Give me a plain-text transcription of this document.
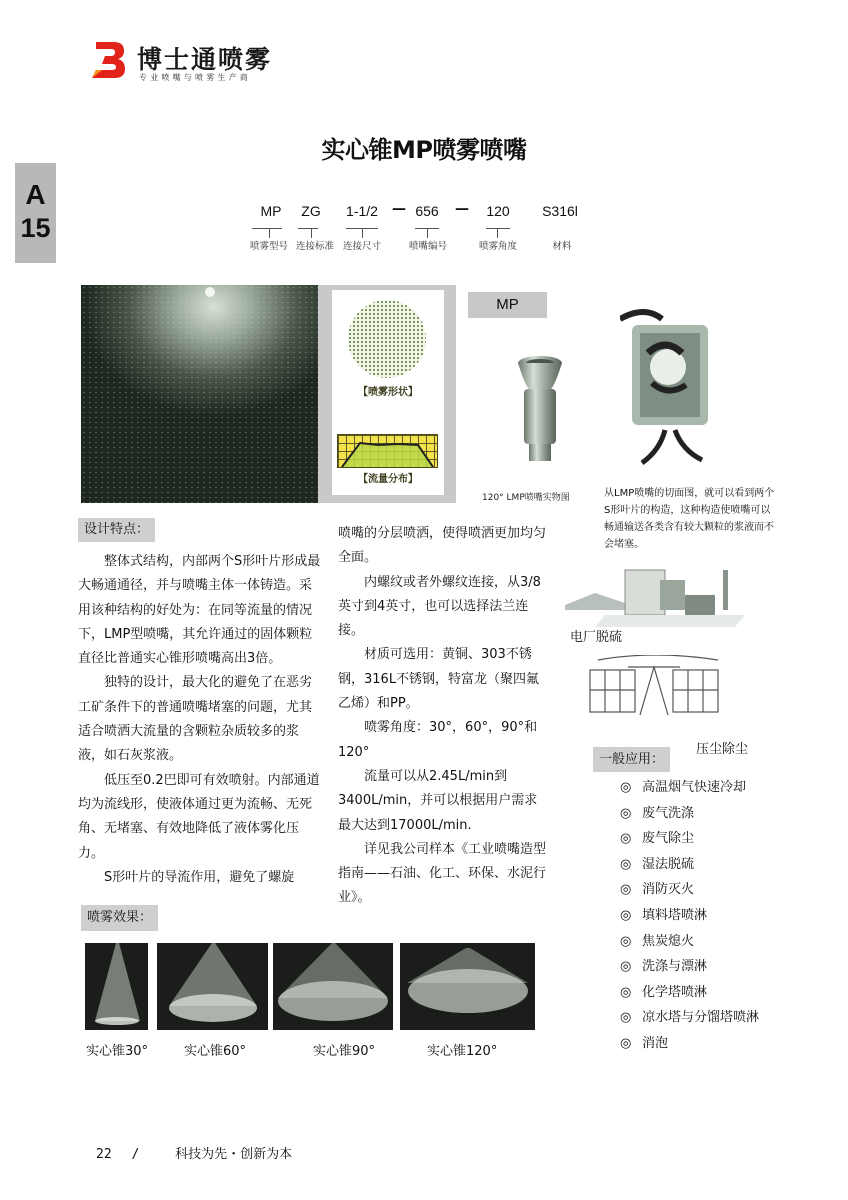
博士通喷雾
专业喷嘴与喷雾生产商
A
15
实心锥MP喷雾喷嘴
MP ZG 1-1/2 — 656 — 120 S316l
喷雾型号 连接标准 连接尺寸	喷嘴编号	喷雾角度	材料
【喷雾形状】
【流量分布】
MP
120° LMP喷嘴实物图	从LMP喷嘴的切面图，就可以看到两个S形叶片的构造，这种构造使喷嘴可以畅通输送各类含有较大颗粒的浆液而不会堵塞。
设计特点：

整体式结构，内部两个S形叶片形成最大畅通通径，并与喷嘴主体一体铸造。采用该种结构的好处为：在同等流量的情况下，LMP型喷嘴，其允许通过的固体颗粒直径比普通实心锥形喷嘴高出3倍。

独特的设计，最大化的避免了在恶劣工矿条件下的普通喷嘴堵塞的问题，尤其适合喷洒大流量的含颗粒杂质较多的浆液，如石灰浆液。

低压至0.2巴即可有效喷射。内部通道均为流线形，使液体通过更为流畅、无死角、无堵塞、有效地降低了液体雾化压力。

S形叶片的导流作用，避免了螺旋

喷嘴的分层喷洒，使得喷洒更加均匀全面。

内螺纹或者外螺纹连接，从3/8英寸到4英寸，也可以选择法兰连接。

材质可选用：黄铜、303不锈钢，316L不锈钢，特富龙（聚四氟乙烯）和PP。

喷雾角度：30°，60°，90°和120°

流量可以从2.45L/min到3400L/min，并可以根据用户需求最大达到17000L/min.

详见我公司样本《工业喷嘴造型指南——石油、化工、环保、水泥行业》。

电厂脱硫
压尘除尘
一般应用：
◎ 高温烟气快速冷却
◎ 废气洗涤
◎ 废气除尘
◎ 湿法脱硫
◎ 消防灭火
◎ 填料塔喷淋
◎ 焦炭熄火
◎ 洗涤与漂淋
◎ 化学塔喷淋
◎ 凉水塔与分馏塔喷淋
◎ 消泡
喷雾效果：
实心锥30°	实心锥60°	实心锥90°	实心锥120°
22 /	科技为先・创新为本
